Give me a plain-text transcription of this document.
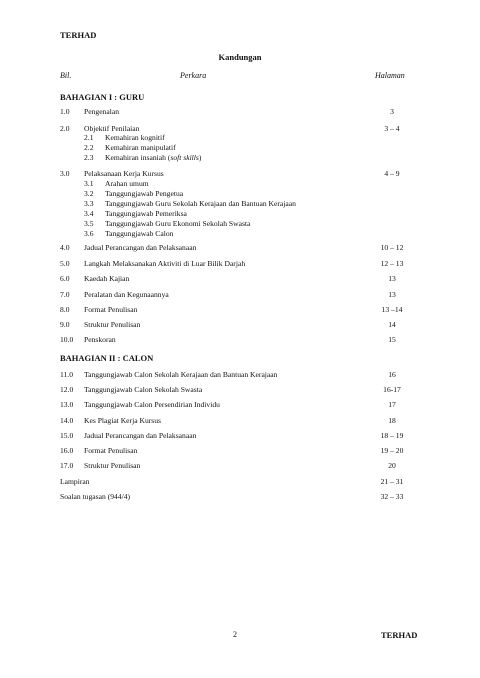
TERHAD
Kandungan
Bil.	Perkara	Halaman
BAHAGIAN I : GURU
1.0 Pengenalan	3
2.0 Objektif Penilaian	3 – 4
2.1 Kemahiran kognitif
2.2 Kemahiran manipulatif
2.3 Kemahiran insaniah (soft skills)
3.0 Pelaksanaan Kerja Kursus	4 – 9
3.1 Arahan umum
3.2 Tanggungjawab Pengetua
3.3 Tanggungjawab Guru Sekolah Kerajaan dan Bantuan Kerajaan
3.4 Tanggungjawab Pemeriksa
3.5 Tanggungjawab Guru Ekonomi Sekolah Swasta
3.6 Tanggungjawab Calon
4.0 Jadual Perancangan dan Pelaksanaan	10 – 12
5.0 Langkah Melaksanakan Aktiviti di Luar Bilik Darjah	12 – 13
6.0 Kaedah Kajian	13
7.0 Peralatan dan Kegunaannya	13
8.0 Format Penulisan	13 –14
9.0 Struktur Penulisan	14
10.0 Penskoran	15
BAHAGIAN II : CALON
11.0 Tanggungjawab Calon Sekolah Kerajaan dan Bantuan Kerajaan	16
12.0 Tanggungjawab Calon Sekolah Swasta	16-17
13.0 Tanggungjawab Calon Persendirian Individu	17
14.0 Kes Plagiat Kerja Kursus	18
15.0 Jadual Perancangan dan Pelaksanaan	18 – 19
16.0 Format Penulisan	19 – 20
17.0 Struktur Penulisan	20
Lampiran	21 – 31
Soalan tugasan (944/4)	32 – 33
2	TERHAD
